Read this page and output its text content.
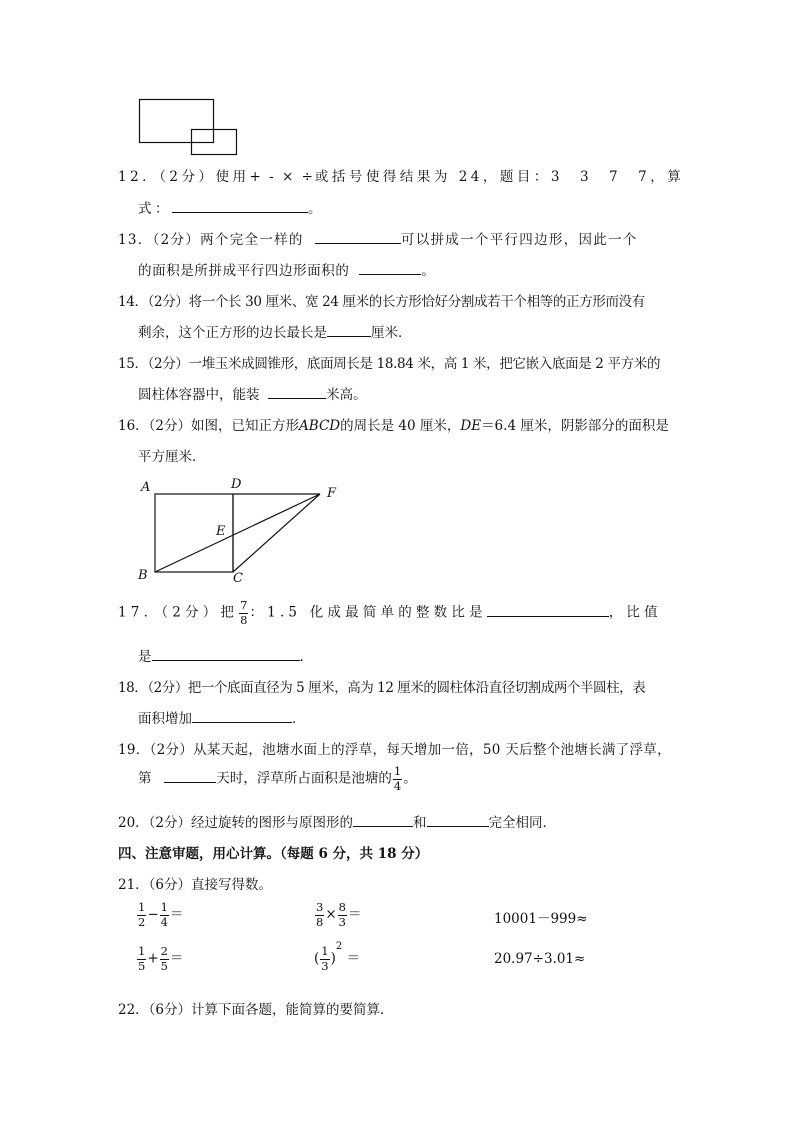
12．（2分）使用+ - × ÷或括号使得结果为 24，题目：3　3　7　7，算
式：	。
13．（2分）两个完全一样的	可以拼成一个平行四边形，因此一个
的面积是所拼成平行四边形面积的	。
14．（2分）将一个长 30 厘米、宽 24 厘米的长方形恰好分割成若干个相等的正方形而没有
剩余，这个正方形的边长最长是	厘米．
15．（2分）一堆玉米成圆锥形，底面周长是 18.84 米，高 1 米，把它嵌入底面是 2 平方米的
圆柱体容器中，能装	米高。
16．（2分）如图，已知正方形ABCD的周长是 40 厘米，DE＝6.4 厘米，阴影部分的面积是
平方厘米．
A	D
F
E
B	C
17．（2分）把 $\frac{7}{8}$ ：1.5 化成最简单的整数比是	，比值
是	．
18．（2分）把一个底面直径为 5 厘米，高为 12 厘米的圆柱体沿直径切割成两个半圆柱，表
面积增加	．
19．（2分）从某天起，池塘水面上的浮草，每天增加一倍，50 天后整个池塘长满了浮草，
第	天时，浮草所占面积是池塘的 $\frac{1}{4}$ 。
20．（2分）经过旋转的图形与原图形的	和	完全相同．
四、注意审题，用心计算。（每题 6 分，共 18 分）
21．（6分）直接写得数。
$\frac{1}{2} - \frac{1}{4}$ ＝	$\frac{3}{8} \times \frac{8}{3}$ ＝	10001－999≈
$\frac{1}{5} + \frac{2}{5}$ ＝	( $\frac{1}{3} )^2$ ＝	20.97÷3.01≈
22．（6分）计算下面各题，能简算的要简算．
